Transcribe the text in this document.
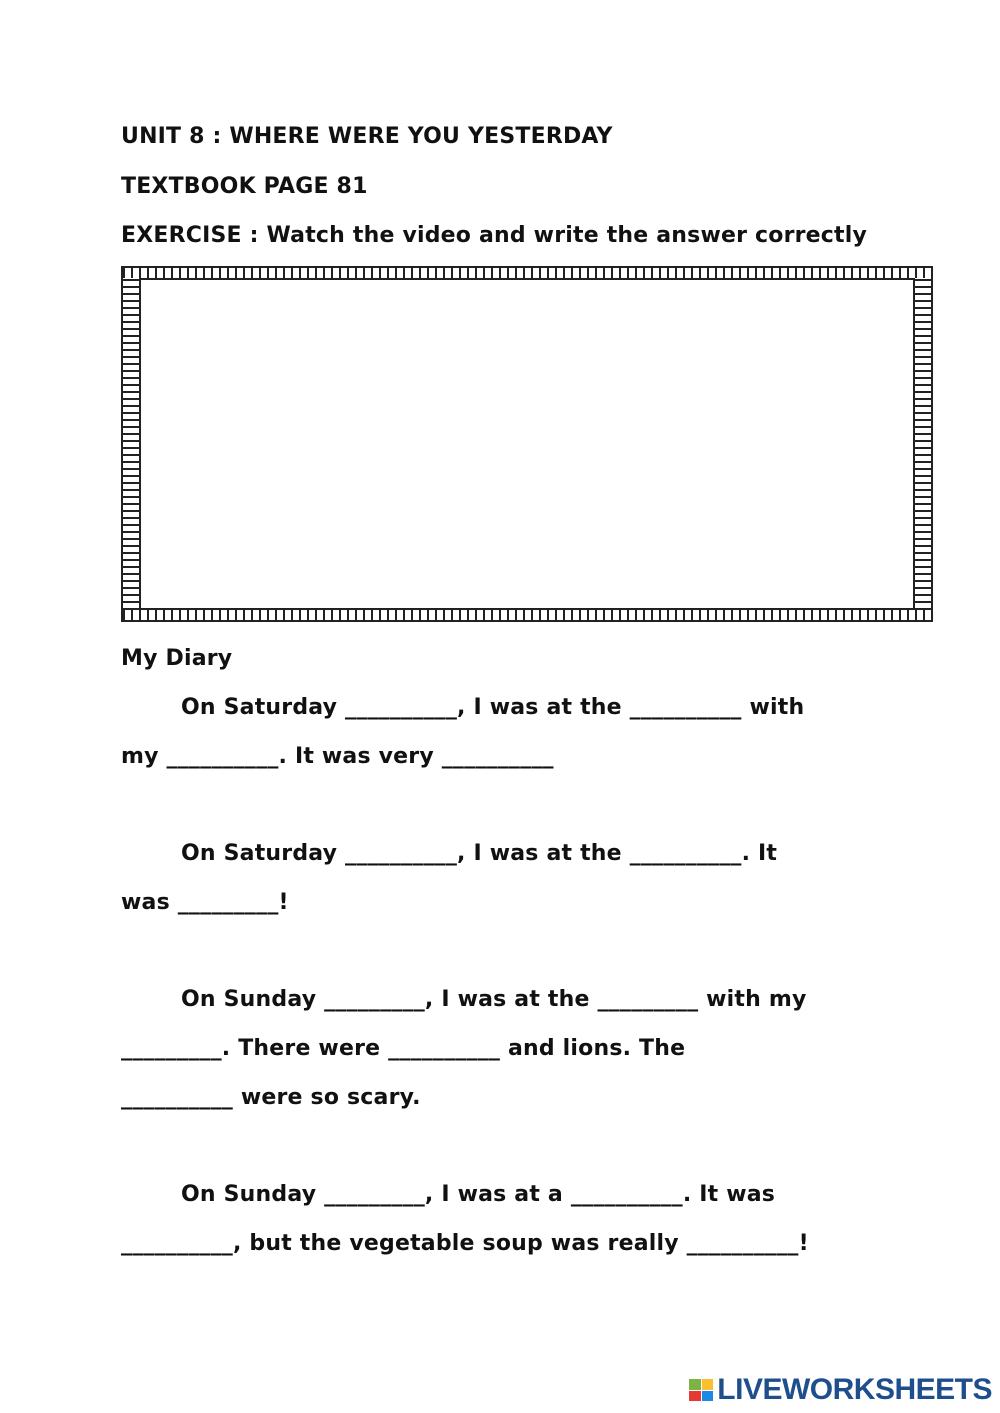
UNIT 8 : WHERE WERE YOU YESTERDAY
TEXTBOOK PAGE 81
EXERCISE : Watch the video and write the answer correctly
My Diary
On Saturday __________, I was at the __________ with
my __________. It was very __________
On Saturday __________, I was at the __________. It
was _________!
On Sunday _________, I was at the _________ with my
_________. There were __________ and lions. The
__________ were so scary.
On Sunday _________, I was at a __________. It was
__________, but the vegetable soup was really __________!
LIVEWORKSHEETS
